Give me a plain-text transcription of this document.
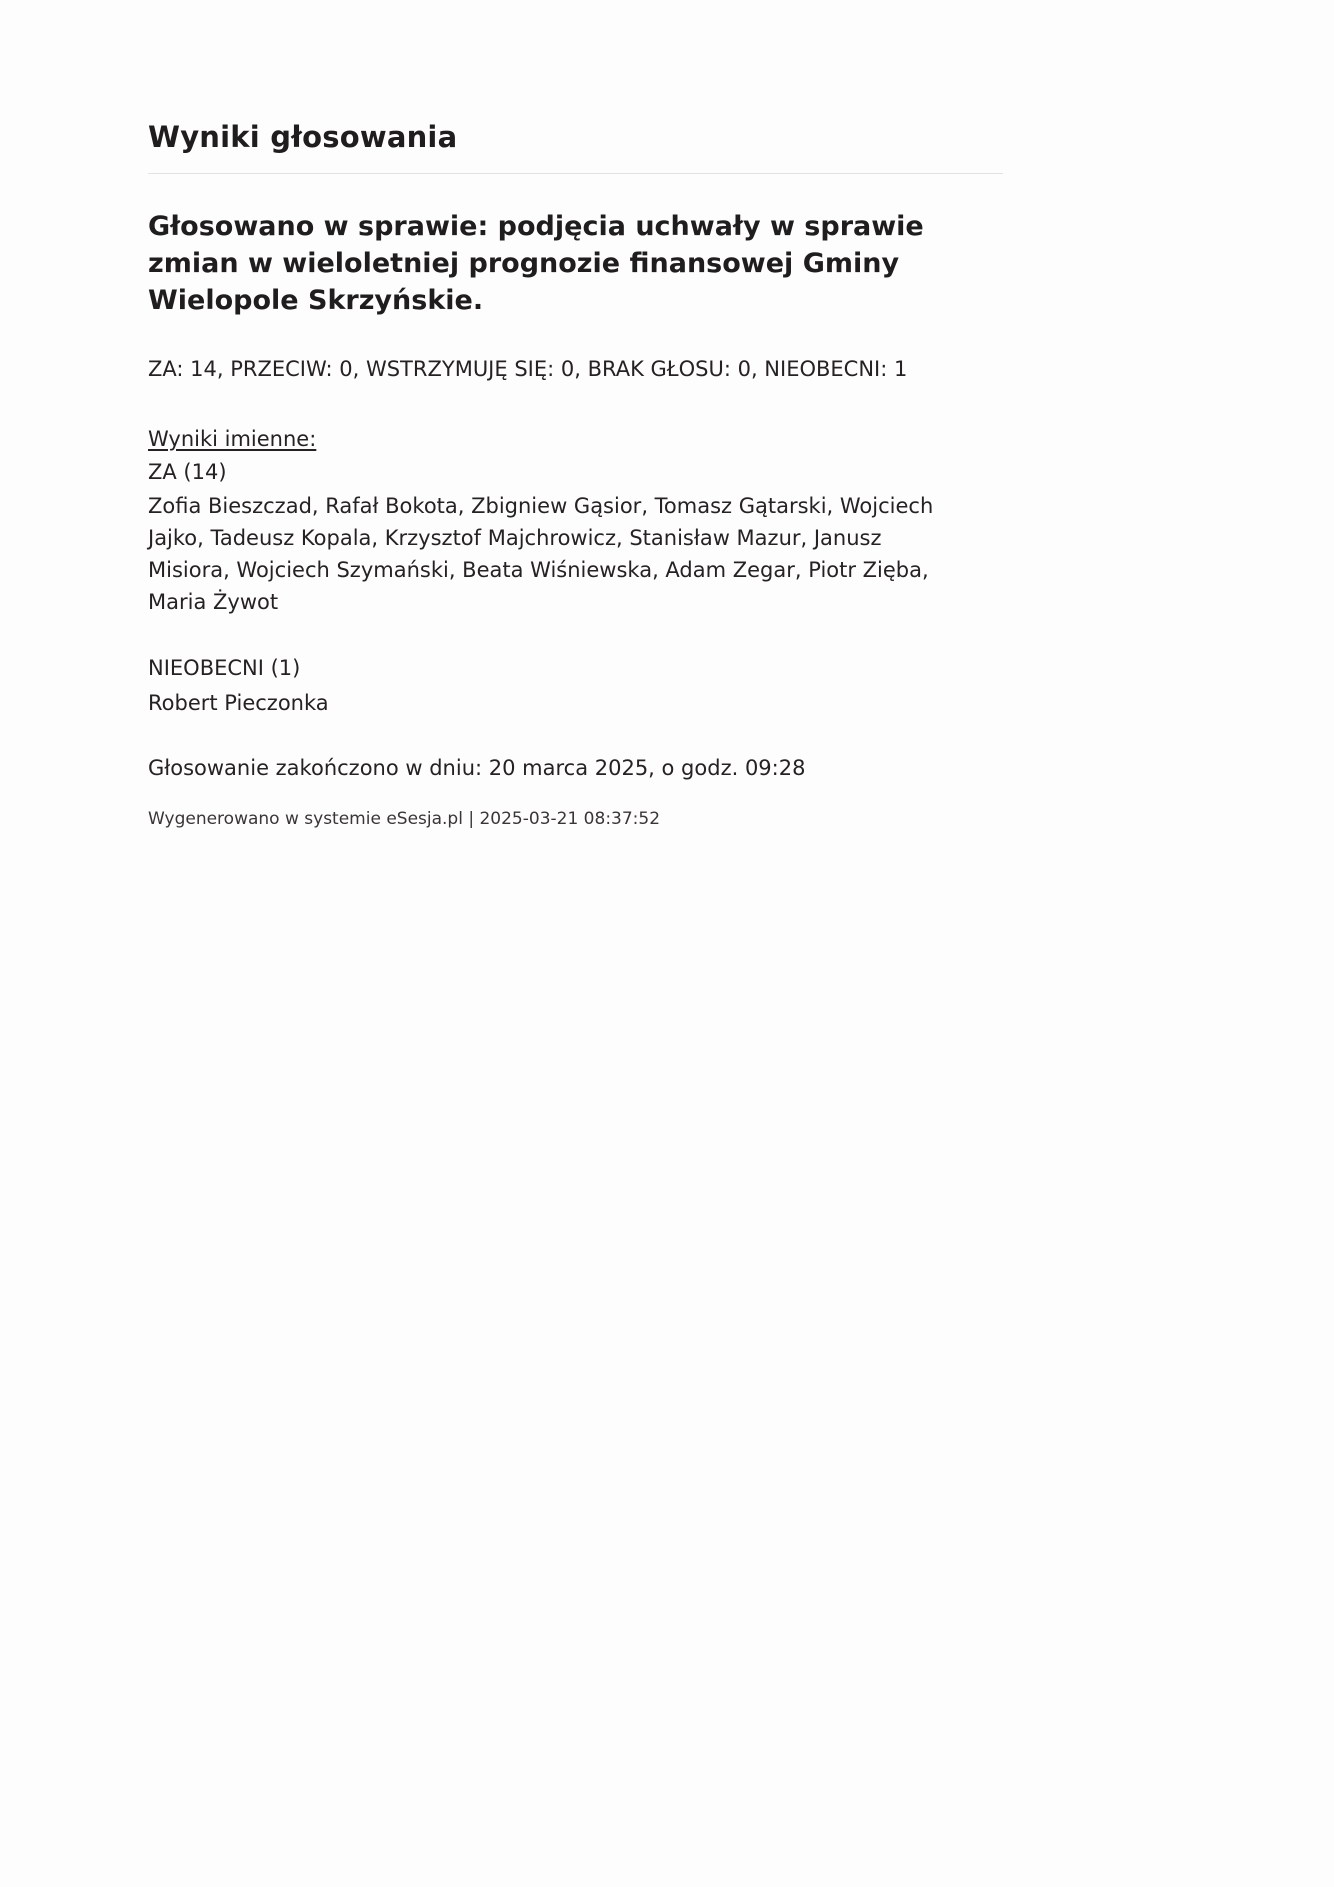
Wyniki głosowania

Głosowano w sprawie: podjęcia uchwały w sprawie zmian w wieloletniej prognozie finansowej Gminy Wielopole Skrzyńskie.

ZA: 14, PRZECIW: 0, WSTRZYMUJĘ SIĘ: 0, BRAK GŁOSU: 0, NIEOBECNI: 1

Wyniki imienne:

ZA (14)

Zofia Bieszczad, Rafał Bokota, Zbigniew Gąsior, Tomasz Gątarski, Wojciech Jajko, Tadeusz Kopala, Krzysztof Majchrowicz, Stanisław Mazur, Janusz Misiora, Wojciech Szymański, Beata Wiśniewska, Adam Zegar, Piotr Zięba, Maria Żywot

NIEOBECNI (1)

Robert Pieczonka

Głosowanie zakończono w dniu: 20 marca 2025, o godz. 09:28

Wygenerowano w systemie eSesja.pl | 2025-03-21 08:37:52
